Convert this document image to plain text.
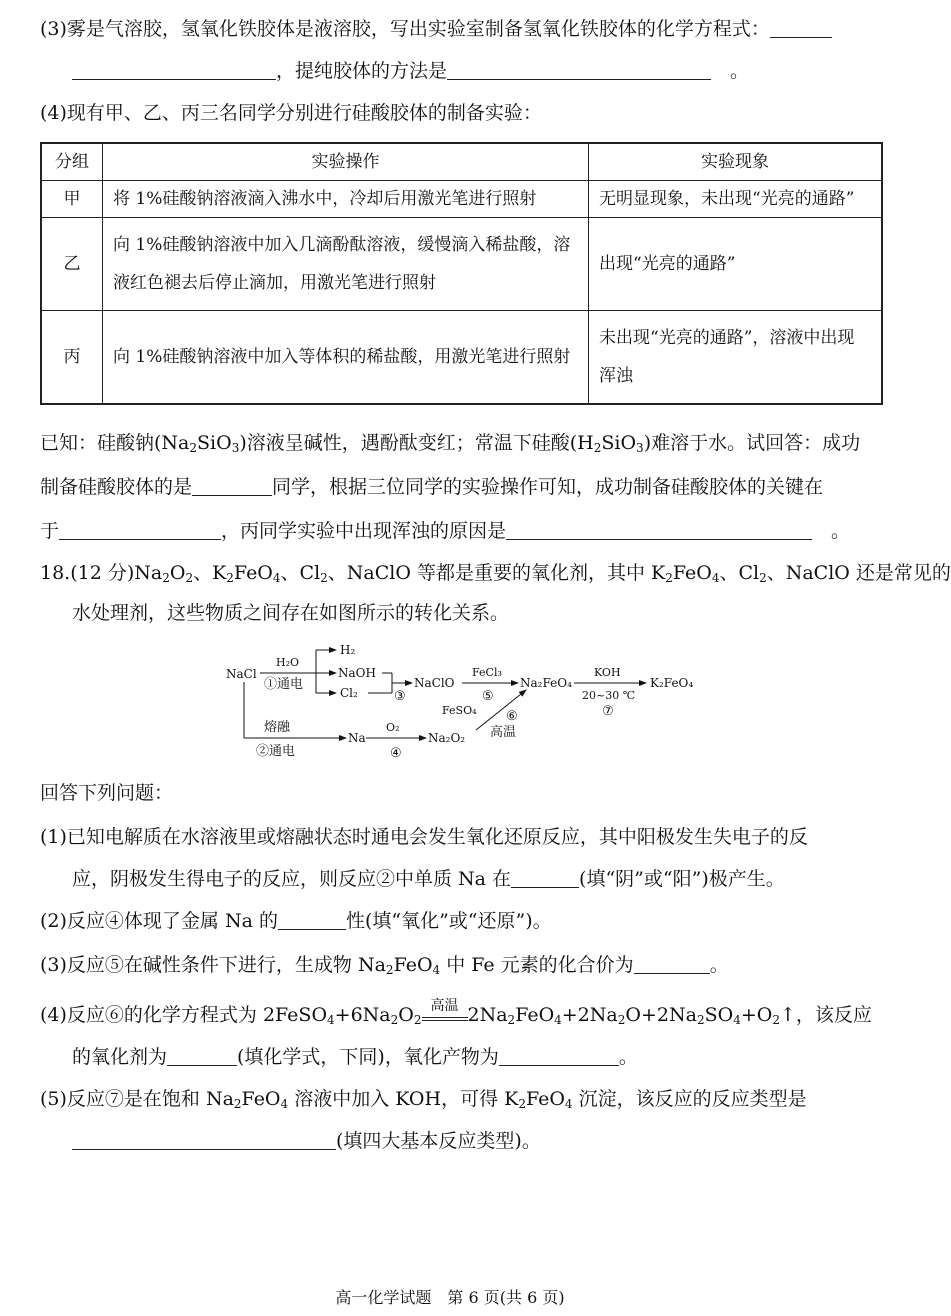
(3)雾是气溶胶，氢氧化铁胶体是液溶胶，写出实验室制备氢氧化铁胶体的化学方程式：
，提纯胶体的方法是　	。
(4)现有甲、乙、丙三名同学分别进行硅酸胶体的制备实验：
分组	实验操作	实验现象
甲	将 1%硅酸钠溶液滴入沸水中，冷却后用激光笔进行照射	无明显现象，未出现“光亮的通路”
乙	向 1%硅酸钠溶液中加入几滴酚酞溶液，缓慢滴入稀盐酸，溶液红色褪去后停止滴加，用激光笔进行照射	出现“光亮的通路”
丙	向 1%硅酸钠溶液中加入等体积的稀盐酸，用激光笔进行照射	未出现“光亮的通路”，溶液中出现浑浊
已知：硅酸钠$(Na_2SiO_3)$溶液呈碱性，遇酚酞变红；常温下硅酸$(H_2SiO_3)$难溶于水。试回答：成功
制备硅酸胶体的是	同学，根据三位同学的实验操作可知，成功制备硅酸胶体的关键在
于	，丙同学实验中出现浑浊的原因是　	。
18.(12 分)$Na_2O_2$、$K_2FeO_4$、$Cl_2$、NaClO 等都是重要的氧化剂，其中 $K_2FeO_4$、$Cl_2$、NaClO 还是常见的
水处理剂，这些物质之间存在如图所示的转化关系。
NaCl
H₂O
①通电
H₂
NaOH
Cl₂	③
NaClO
FeCl₃
⑤
Na₂FeO₄
KOH
20~30 ℃
⑦
K₂FeO₄
熔融
②通电
Na
O₂
④
Na₂O₂
FeSO₄ ⑥
高温
回答下列问题：
(1)已知电解质在水溶液里或熔融状态时通电会发生氧化还原反应，其中阳极发生失电子的反
应，阴极发生得电子的反应，则反应②中单质 Na 在	(填“阴”或“阳”)极产生。
(2)反应④体现了金属 Na 的	性(填“氧化”或“还原”)。
(3)反应⑤在碱性条件下进行，生成物 $Na_2FeO_4$ 中 Fe 元素的化合价为	。
(4)反应⑥的化学方程式为 $2FeSO_4+6Na_2O_2$
高温 $2Na_2FeO_4+2Na_2O+2Na_2SO_4+O_2↑$，该反应
的氧化剂为	(填化学式，下同)，氧化产物为	。
(5)反应⑦是在饱和 $Na_2FeO_4$ 溶液中加入 KOH，可得 $K_2FeO_4$ 沉淀，该反应的反应类型是
(填四大基本反应类型)。
高一化学试题　第 6 页(共 6 页)
